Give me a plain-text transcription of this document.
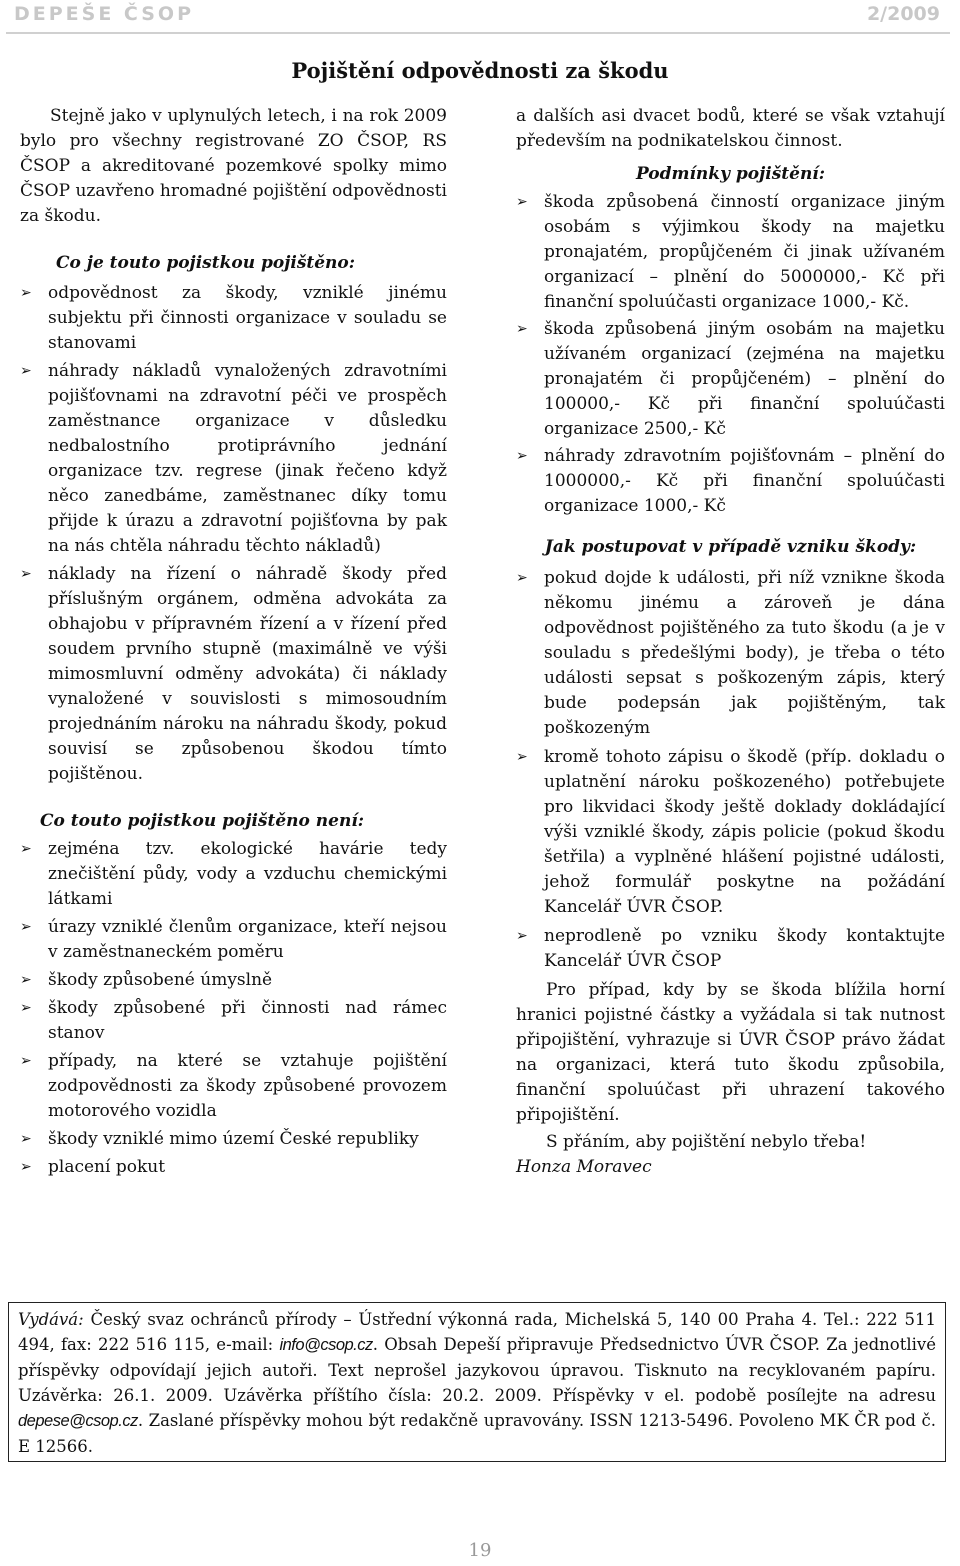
DEPEŠE ČSOP	2/2009
Pojištění odpovědnosti za škodu

Stejně jako v uplynulých letech, i na rok 2009 bylo pro všechny registrované ZO ČSOP, RS ČSOP a akreditované pozemkové spolky mimo ČSOP uzavřeno hromadné pojištění odpovědnosti za škodu.

Co je touto pojistkou pojištěno:

➢ odpovědnost za škody, vzniklé jinému subjektu při činnosti organizace v souladu se stanovami
➢ náhrady nákladů vynaložených zdravotními pojišťovnami na zdravotní péči ve prospěch zaměstnance organizace v důsledku nedbalostního protiprávního jednání organizace tzv. regrese (jinak řečeno když něco zanedbáme, zaměstnanec díky tomu přijde k úrazu a zdravotní pojišťovna by pak na nás chtěla náhradu těchto nákladů)
➢ náklady na řízení o náhradě škody před příslušným orgánem, odměna advokáta za obhajobu v přípravném řízení a v řízení před soudem prvního stupně (maximálně ve výši mimosmluvní odměny advokáta) či náklady vynaložené v souvislosti s mimosoudním projednáním nároku na náhradu škody, pokud souvisí se způsobenou škodou tímto pojištěnou.

Co touto pojistkou pojištěno není:

➢ zejména tzv. ekologické havárie tedy znečištění půdy, vody a vzduchu chemickými látkami
➢ úrazy vzniklé členům organizace, kteří nejsou v zaměstnaneckém poměru
➢ škody způsobené úmyslně
➢ škody způsobené při činnosti nad rámec stanov
➢ případy, na které se vztahuje pojištění zodpovědnosti za škody způsobené provozem motorového vozidla
➢ škody vzniklé mimo území České republiky
➢ placení pokut

a dalších asi dvacet bodů, které se však vztahují především na podnikatelskou činnost.

Podmínky pojištění:

➢ škoda způsobená činností organizace jiným osobám s výjimkou škody na majetku pronajatém, propůjčeném či jinak užívaném organizací – plnění do 5000000,- Kč při finanční spoluúčasti organizace 1000,- Kč.
➢ škoda způsobená jiným osobám na majetku užívaném organizací (zejména na majetku pronajatém či propůjčeném) – plnění do 100000,- Kč při finanční spoluúčasti organizace 2500,- Kč
➢ náhrady zdravotním pojišťovnám – plnění do 1000000,- Kč při finanční spoluúčasti organizace 1000,- Kč

Jak postupovat v případě vzniku škody:

➢ pokud dojde k události, při níž vznikne škoda někomu jinému a zároveň je dána odpovědnost pojištěného za tuto škodu (a je v souladu s předešlými body), je třeba o této události sepsat s poškozeným zápis, který bude podepsán jak pojištěným, tak poškozeným
➢ kromě tohoto zápisu o škodě (příp. dokladu o uplatnění nároku poškozeného) potřebujete pro likvidaci škody ještě doklady dokládající výši vzniklé škody, zápis policie (pokud škodu šetřila) a vyplněné hlášení pojistné události, jehož formulář poskytne na požádání Kancelář ÚVR ČSOP.
➢ neprodleně po vzniku škody kontaktujte Kancelář ÚVR ČSOP

Pro případ, kdy by se škoda blížila horní hranici pojistné částky a vyžádala si tak nutnost připojištění, vyhrazuje si ÚVR ČSOP právo žádat na organizaci, která tuto škodu způsobila, finanční spoluúčast při uhrazení takového připojištění.

S přáním, aby pojištění nebylo třeba!

Honza Moravec

Vydává: Český svaz ochránců přírody – Ústřední výkonná rada, Michelská 5, 140 00 Praha 4. Tel.: 222 511 494, fax: 222 516 115, e-mail: info@csop.cz. Obsah Depeší připravuje Předsednictvo ÚVR ČSOP. Za jednotlivé příspěvky odpovídají jejich autoři. Text neprošel jazykovou úpravou. Tisknuto na recyklovaném papíru. Uzávěrka: 26.1. 2009. Uzávěrka příštího čísla: 20.2. 2009. Příspěvky v el. podobě posílejte na adresu depese@csop.cz. Zaslané příspěvky mohou být redakčně upravovány. ISSN 1213-5496. Povoleno MK ČR pod č. E 12566.
19
